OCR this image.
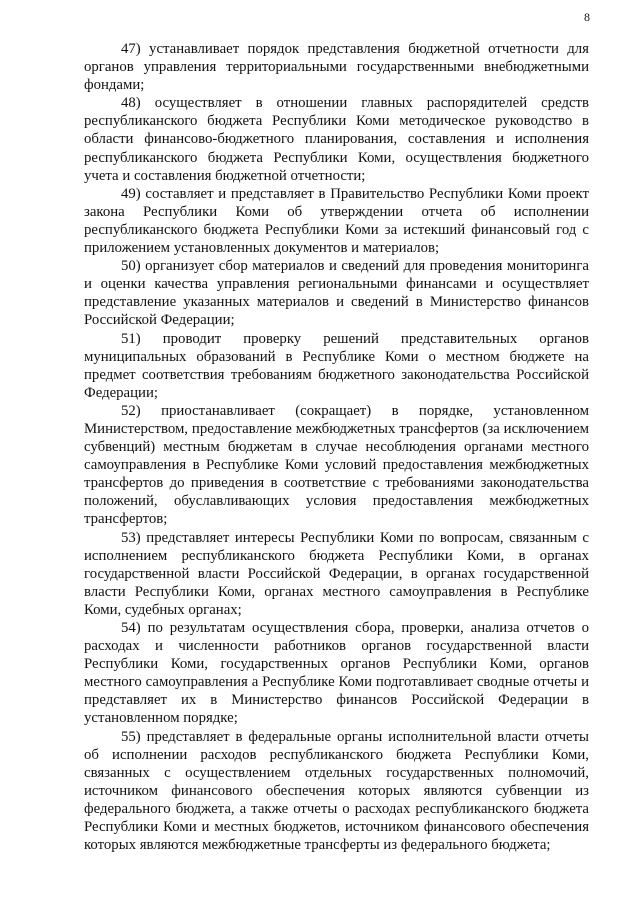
8

47) устанавливает порядок представления бюджетной отчетности для органов управления территориальными государственными внебюджетными фондами;

48) осуществляет в отношении главных распорядителей средств республиканского бюджета Республики Коми методическое руководство в области финансово-бюджетного планирования, составления и исполнения республиканского бюджета Республики Коми, осуществления бюджетного учета и составления бюджетной отчетности;

49) составляет и представляет в Правительство Республики Коми проект закона Республики Коми об утверждении отчета об исполнении республиканского бюджета Республики Коми за истекший финансовый год с приложением установленных документов и материалов;

50) организует сбор материалов и сведений для проведения мониторинга и оценки качества управления региональными финансами и осуществляет представление указанных материалов и сведений в Министерство финансов Российской Федерации;

51) проводит проверку решений представительных органов муниципальных образований в Республике Коми о местном бюджете на предмет соответствия требованиям бюджетного законодательства Российской Федерации;

52) приостанавливает (сокращает) в порядке, установленном Министерством, предоставление межбюджетных трансфертов (за исключением субвенций) местным бюджетам в случае несоблюдения органами местного самоуправления в Республике Коми условий предоставления межбюджетных трансфертов до приведения в соответствие с требованиями законодательства положений, обуславливающих условия предоставления межбюджетных трансфертов;

53) представляет интересы Республики Коми по вопросам, связанным с исполнением республиканского бюджета Республики Коми, в органах государственной власти Российской Федерации, в органах государственной власти Республики Коми, органах местного самоуправления в Республике Коми, судебных органах;

54) по результатам осуществления сбора, проверки, анализа отчетов о расходах и численности работников органов государственной власти Республики Коми, государственных органов Республики Коми, органов местного самоуправления а Республике Коми подготавливает сводные отчеты и представляет их в Министерство финансов Российской Федерации в установленном порядке;

55) представляет в федеральные органы исполнительной власти отчеты об исполнении расходов республиканского бюджета Республики Коми, связанных с осуществлением отдельных государственных полномочий, источником финансового обеспечения которых являются субвенции из федерального бюджета, а также отчеты о расходах республиканского бюджета Республики Коми и местных бюджетов, источником финансового обеспечения которых являются межбюджетные трансферты из федерального бюджета;
